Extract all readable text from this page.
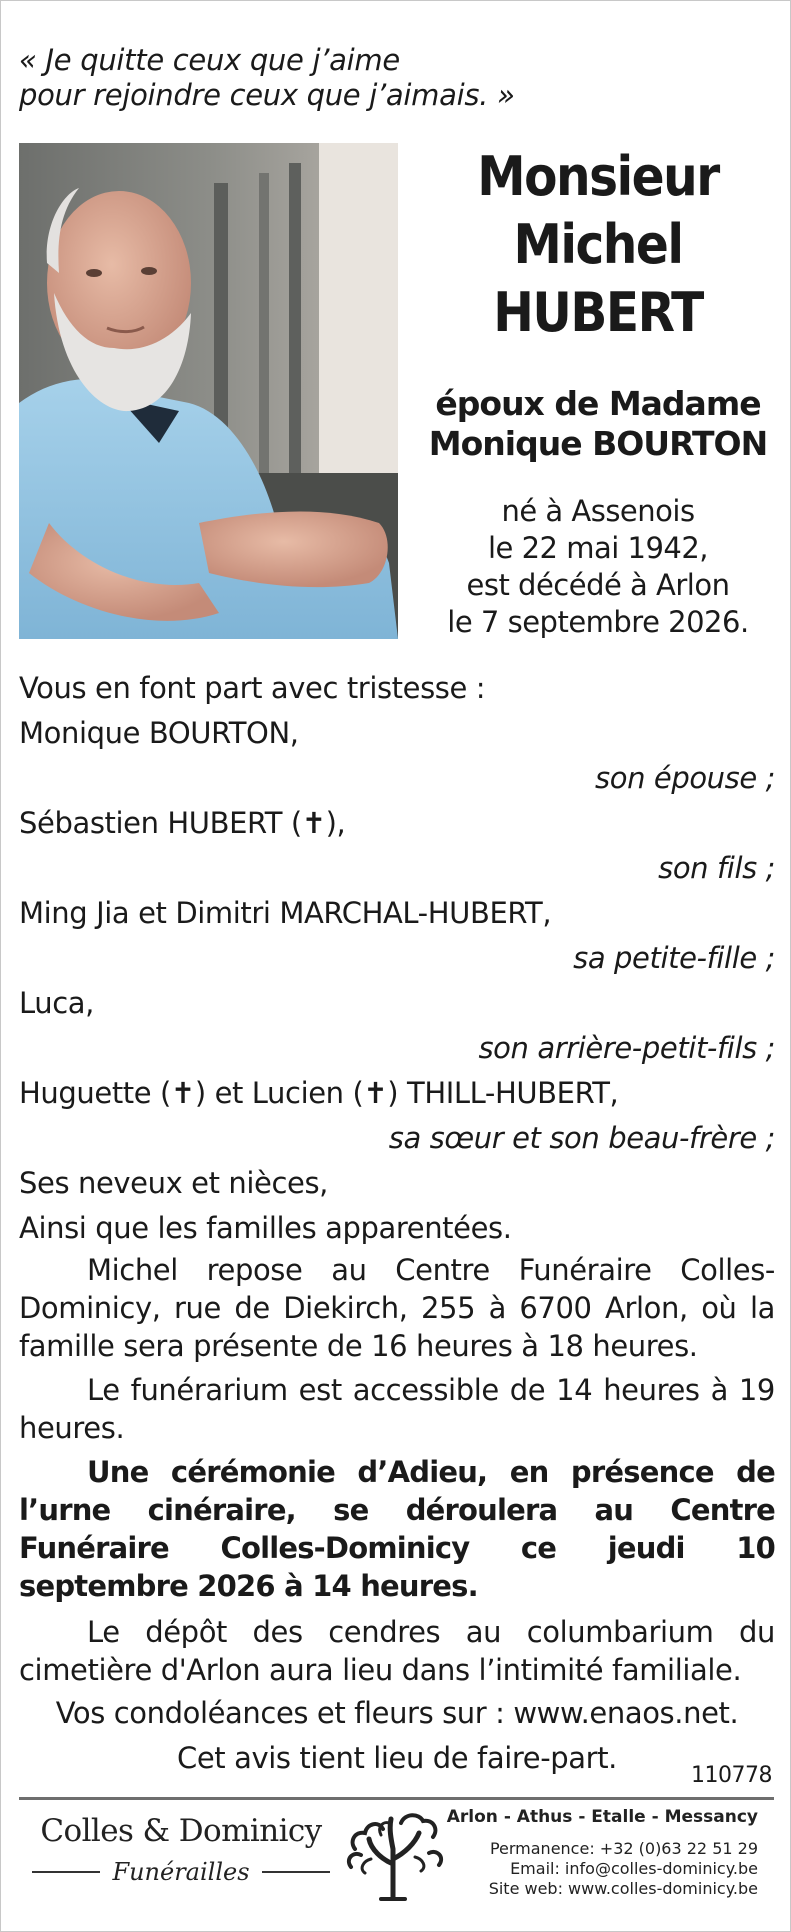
« Je quitte ceux que j’aime
pour rejoindre ceux que j’aimais. »
Monsieur
Michel
HUBERT
époux de Madame
Monique BOURTON
né à Assenois
le 22 mai 1942,
est décédé à Arlon
le 7 septembre 2026.
Vous en font part avec tristesse :
Monique BOURTON,
son épouse ;
Sébastien HUBERT (✝),
son fils ;
Ming Jia et Dimitri MARCHAL-HUBERT,
sa petite-fille ;
Luca,
son arrière-petit-fils ;
Huguette (✝) et Lucien (✝) THILL-HUBERT,
sa sœur et son beau-frère ;
Ses neveux et nièces,
Ainsi que les familles apparentées.

Michel repose au Centre Funéraire Colles-Dominicy, rue de Diekirch, 255 à 6700 Arlon, où la famille sera présente de 16 heures à 18 heures.

Le funérarium est accessible de 14 heures à 19 heures.

Une cérémonie d’Adieu, en présence de l’urne cinéraire, se déroulera au Centre Funéraire Colles-Dominicy ce jeudi 10 septembre 2026 à 14 heures.

Le dépôt des cendres au columbarium du cimetière d'Arlon aura lieu dans l’intimité familiale.

Vos condoléances et fleurs sur : www.enaos.net.
Cet avis tient lieu de faire-part.
110778
Colles & Dominicy
Funérailles
Arlon - Athus - Etalle - Messancy
Permanence: +32 (0)63 22 51 29
Email: info@colles-dominicy.be
Site web: www.colles-dominicy.be
